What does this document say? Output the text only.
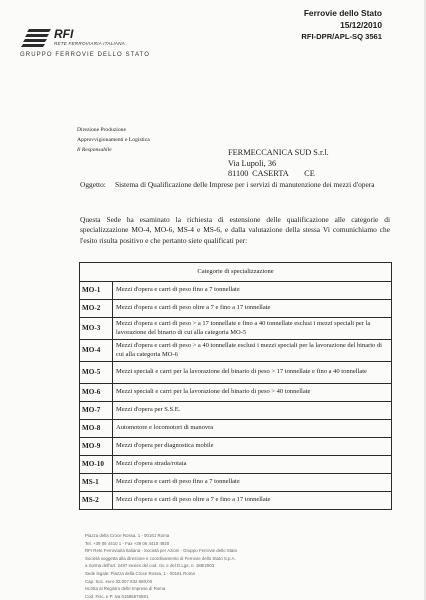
Ferrovie dello Stato
15/12/2010
RFI-DPR/APL-SQ 3561
RFI
RETE FERROVIARIA ITALIANA
GRUPPO FERROVIE DELLO STATO
Direzione Produzione
Approvvigionamenti e Logistica
Il Responsabile	FERMECCANICA SUD S.r.l.
Via Lupoli, 36
81100 CASERTA CE
Oggetto: Sistema di Qualificazione delle Imprese per i servizi di manutenzione dei mezzi d'opera
Questa Sede ha esaminato la richiesta di estensione delle qualificazione alle categorie di specializzazione MO-4, MO-6, MS-4 e MS-6, e dalla valutazione della stessa Vi comunichiamo che l'esito risulta positivo e che pertanto siete qualificati per:
Categorie di specializzazione	
MO-1	Mezzi d'opera e carri di peso fino a 7 tonnellate
MO-2	Mezzi d'opera e carri di peso oltre a 7 e fino a 17 tonnellate
MO-3	Mezzi d'opera e carri di peso > a 17 tonnellate e fino a 40 tonnellate esclusi i mezzi speciali per la lavorazione del binario di cui alla categoria MO-5
MO-4	Mezzi d'opera e carri di peso > a 40 tonnellate esclusi i mezzi speciali per la lavorazione del binario di cui alla categoria MO-6
MO-5	Mezzi speciali e carri per la lavorazione del binario di peso > 17 tonnellate e fino a 40 tonnellate
MO-6	Mezzi speciali e carri per la lavorazione del binario di peso > 40 tonnellate
MO-7	Mezzi d'opera per S.S.E.
MO-8	Automotore e locomotori di manovra
MO-9	Mezzi d'opera per diagnostica mobile
MO-10	Mezzi d'opera strada/rotaia
MS-1	Mezzi d'opera e carri di peso fino a 7 tonnellate
MS-2	Mezzi d'opera e carri di peso oltre a 7 e fino a 17 tonnellate
Piazza della Croce Rossa, 1 - 00161 Roma
Tel. +39 06 4410 1 - Fax +39 06 4410 4920
RFI Rete Ferroviaria Italiana - Società per Azioni - Gruppo Ferrovie dello Stato
Società soggetta alla direzione e coordinamento di Ferrovie dello Stato S.p.A.
a norma dell'art. 2497 sexies del cod. civ. e del D.Lgs. n. 188/2003
Sede legale: Piazza della Croce Rossa, 1 - 00161 Roma
Cap. Soc. euro 32.007.632.680,00
Iscritta al Registro delle Imprese di Roma
Cod. Fisc. e P. Iva 01585570581
